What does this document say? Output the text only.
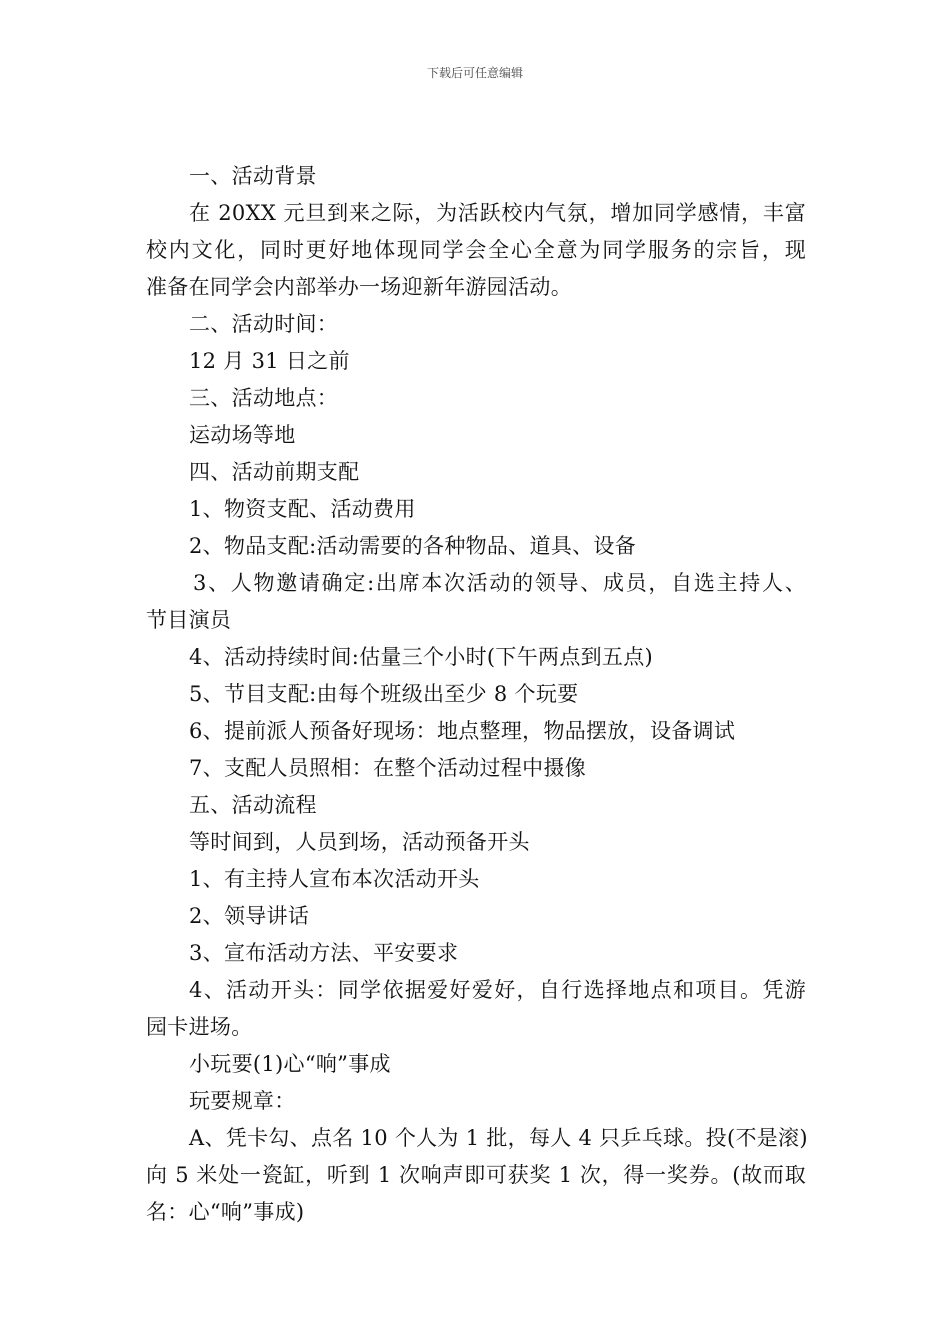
下载后可任意编辑

一、活动背景

在 20XX 元旦到来之际，为活跃校内气氛，增加同学感情，丰富

校内文化，同时更好地体现同学会全心全意为同学服务的宗旨，现

准备在同学会内部举办一场迎新年游园活动。

二、活动时间：

12 月 31 日之前

三、活动地点：

运动场等地

四、活动前期支配

1、物资支配、活动费用

2、物品支配:活动需要的各种物品、道具、设备

3、人物邀请确定:出席本次活动的领导、成员，自选主持人、

节目演员

4、活动持续时间:估量三个小时(下午两点到五点)

5、节目支配:由每个班级出至少 8 个玩要

6、提前派人预备好现场：地点整理，物品摆放，设备调试

7、支配人员照相：在整个活动过程中摄像

五、活动流程

等时间到，人员到场，活动预备开头

1、有主持人宣布本次活动开头

2、领导讲话

3、宣布活动方法、平安要求

4、活动开头：同学依据爱好爱好，自行选择地点和项目。凭游

园卡进场。

小玩要(1)心“响”事成

玩要规章：

A、凭卡勾、点名 10 个人为 1 批，每人 4 只乒乓球。投(不是滚)

向 5 米处一瓷缸，听到 1 次响声即可获奖 1 次，得一奖券。(故而取

名：心“响”事成)
